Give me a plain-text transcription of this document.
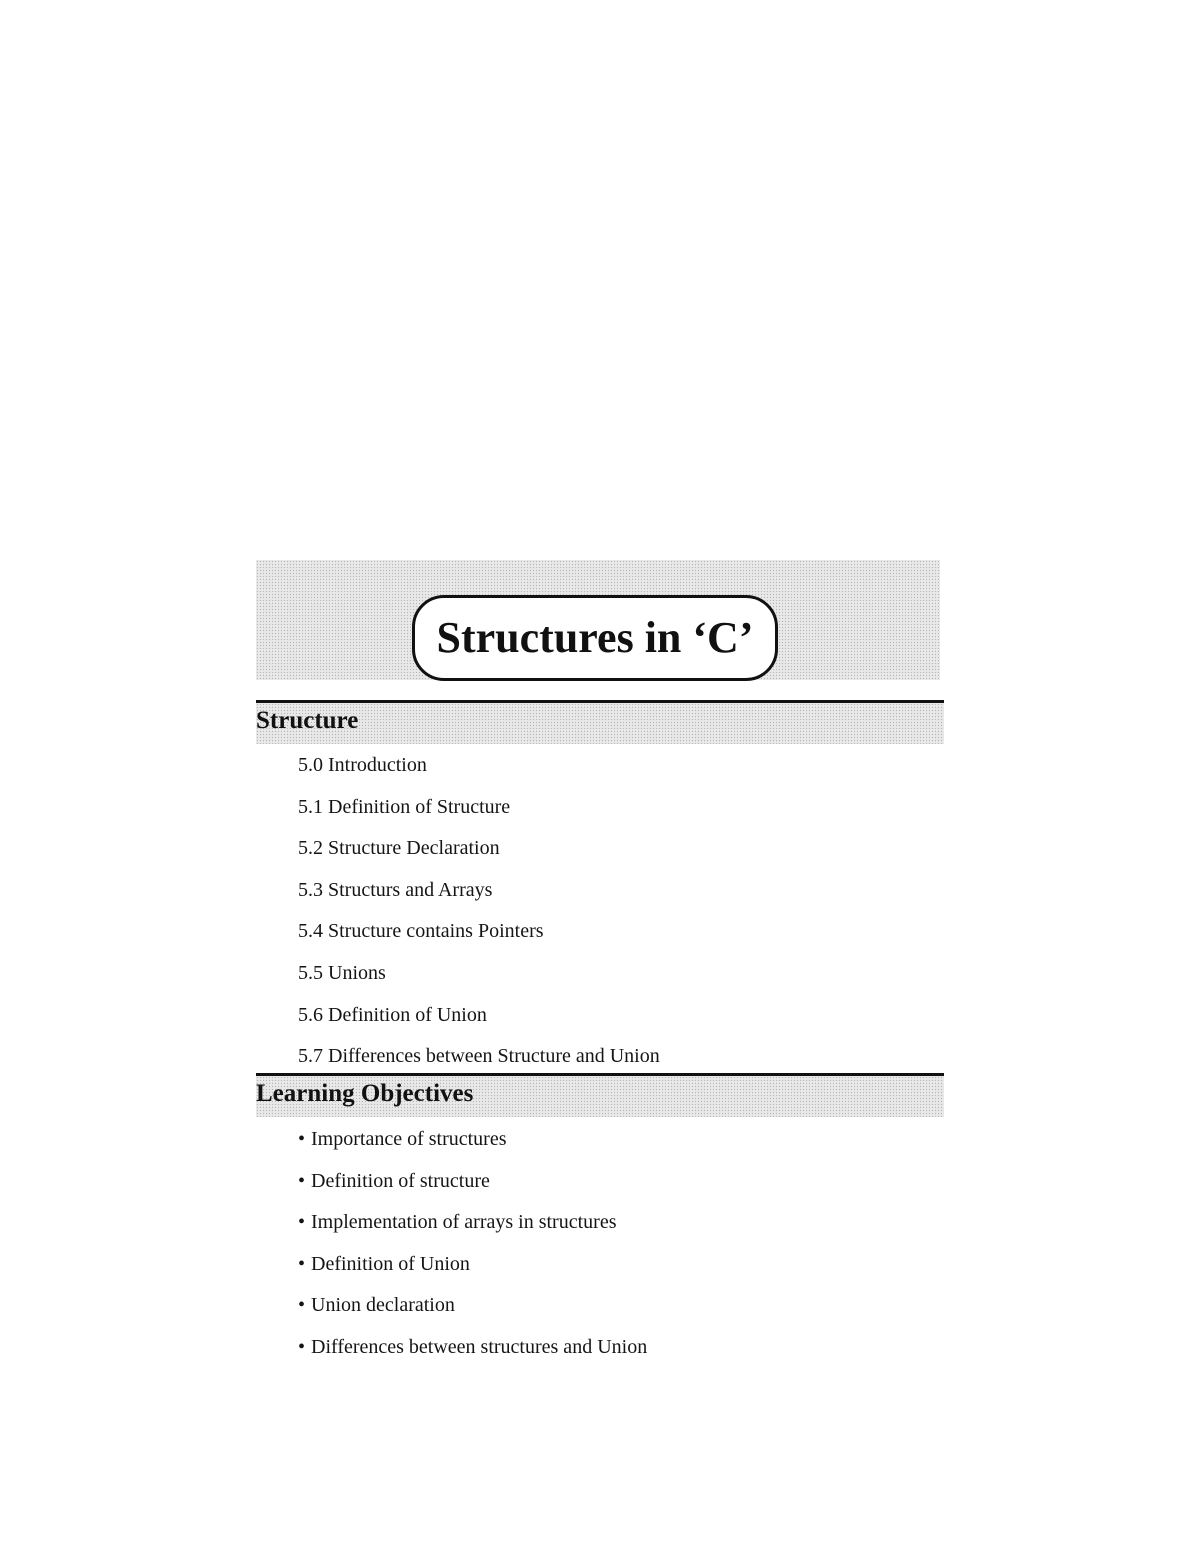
Structures in ‘C’
Structure
5.0 Introduction
5.1 Definition of Structure
5.2 Structure Declaration
5.3 Structurs and Arrays
5.4 Structure contains Pointers
5.5 Unions
5.6 Definition of Union
5.7 Differences between Structure and Union
Learning Objectives
• Importance of structures
• Definition of structure
• Implementation of arrays in structures
• Definition of Union
• Union declaration
• Differences between structures and Union
